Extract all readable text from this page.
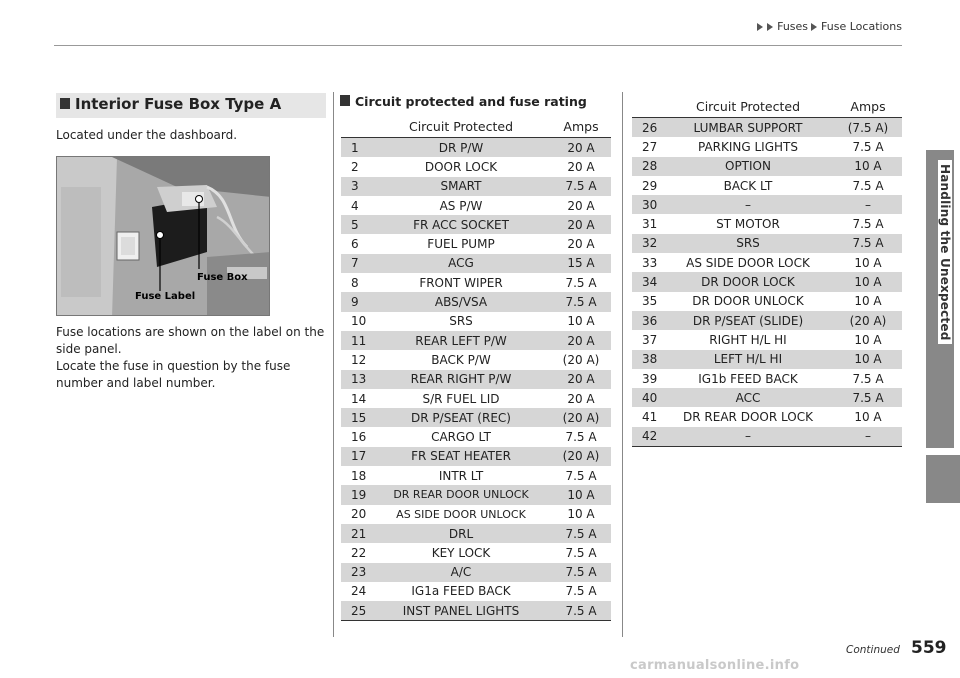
Fuses Fuse Locations
Handling the Unexpected
Interior Fuse Box Type A
Located under the dashboard.
Fuse Box
Fuse Label
Fuse locations are shown on the label on the side panel.
Locate the fuse in question by the fuse number and label number.
Circuit protected and fuse rating
Circuit Protected	Amps
1	DR P/W	20 A
2	DOOR LOCK	20 A
3	SMART	7.5 A
4	AS P/W	20 A
5	FR ACC SOCKET	20 A
6	FUEL PUMP	20 A
7	ACG	15 A
8	FRONT WIPER	7.5 A
9	ABS/VSA	7.5 A
10	SRS	10 A
11	REAR LEFT P/W	20 A
12	BACK P/W	(20 A)
13	REAR RIGHT P/W	20 A
14	S/R FUEL LID	20 A
15	DR P/SEAT (REC)	(20 A)
16	CARGO LT	7.5 A
17	FR SEAT HEATER	(20 A)
18	INTR LT	7.5 A
19	DR REAR DOOR UNLOCK	10 A
20	AS SIDE DOOR UNLOCK	10 A
21	DRL	7.5 A
22	KEY LOCK	7.5 A
23	A/C	7.5 A
24	IG1a FEED BACK	7.5 A
25	INST PANEL LIGHTS	7.5 A
Circuit Protected	Amps
26	LUMBAR SUPPORT	(7.5 A)
27	PARKING LIGHTS	7.5 A
28	OPTION	10 A
29	BACK LT	7.5 A
30	–	–
31	ST MOTOR	7.5 A
32	SRS	7.5 A
33	AS SIDE DOOR LOCK	10 A
34	DR DOOR LOCK	10 A
35	DR DOOR UNLOCK	10 A
36	DR P/SEAT (SLIDE)	(20 A)
37	RIGHT H/L HI	10 A
38	LEFT H/L HI	10 A
39	IG1b FEED BACK	7.5 A
40	ACC	7.5 A
41	DR REAR DOOR LOCK	10 A
42	–	–
Continued 559
carmanualsonline.info
